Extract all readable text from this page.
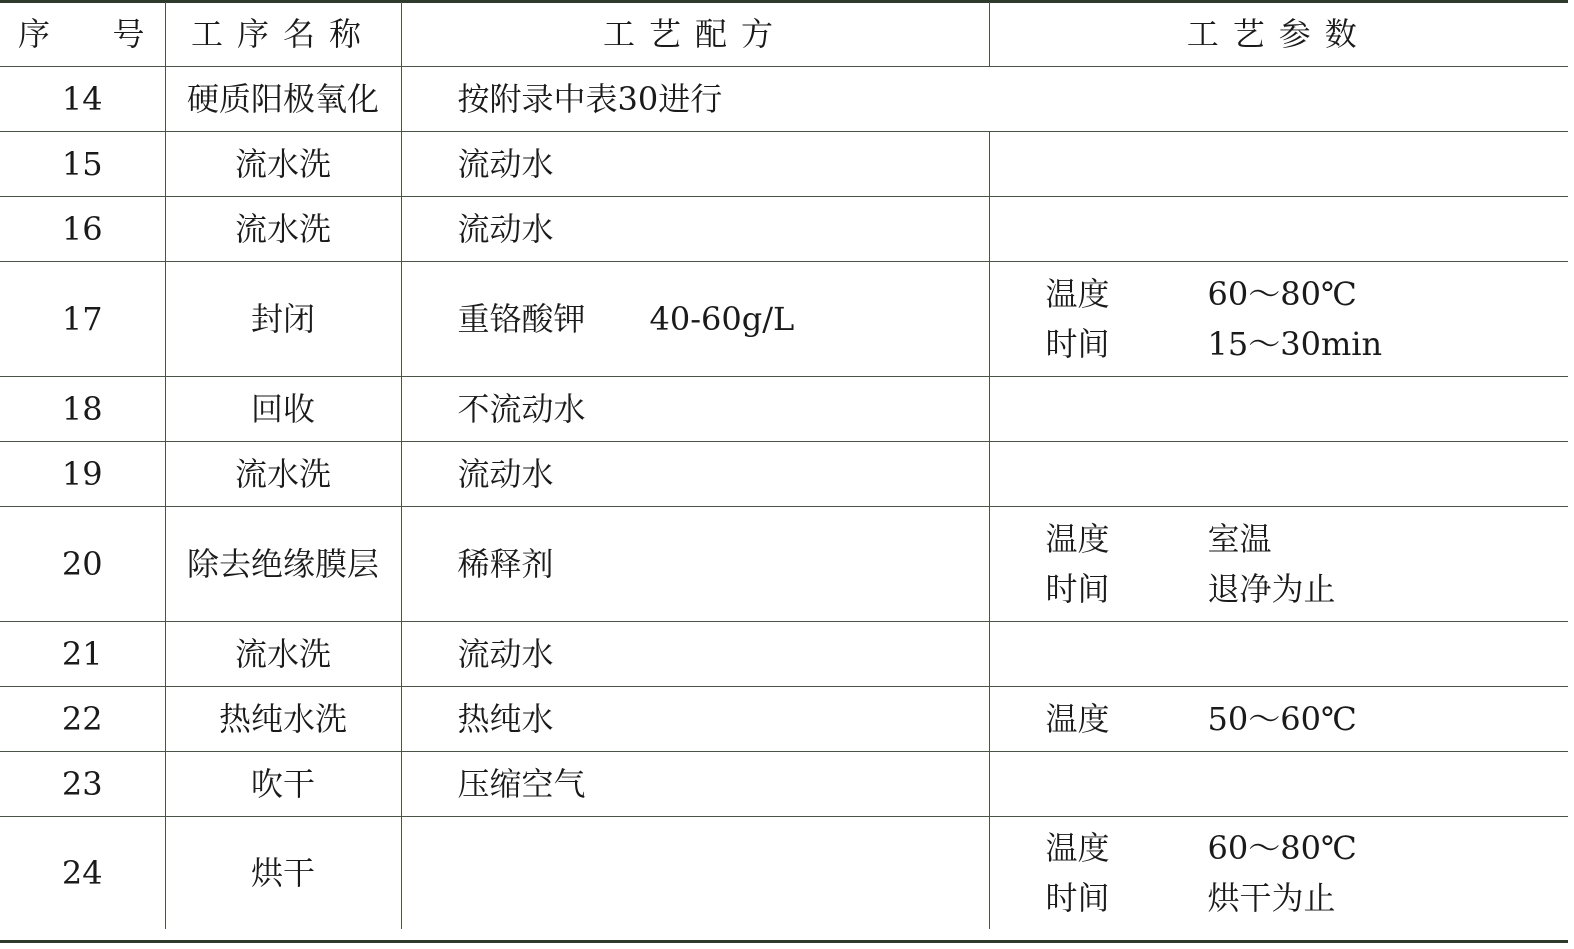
序 号	工序名称	工艺配方	工艺参数
14	硬质阳极氧化	按附录中表30进行	
15	流水洗	流动水	
16	流水洗	流动水	
17	封闭	重铬酸钾 40-60g/L	温度 60～80℃
时间 15～30min

18	回收	不流动水	
19	流水洗	流动水	
20	除去绝缘膜层	稀释剂	温度 室温
时间 退净为止

21	流水洗	流动水	
22	热纯水洗	热纯水	温度 50～60℃

23	吹干	压缩空气	
24	烘干		温度 60～80℃
时间 烘干为止
